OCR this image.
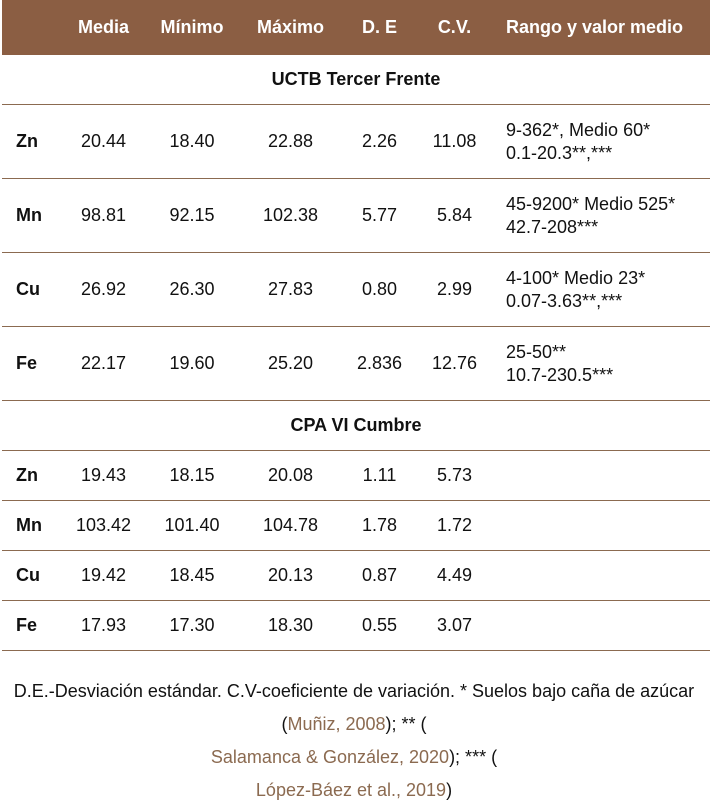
	Media	Mínimo	Máximo	D. E	C.V.	Rango y valor medio
UCTB Tercer Frente						
Zn	20.44	18.40	22.88	2.26	11.08	9-362*, Medio 60*
0.1-20.3**,***
Mn	98.81	92.15	102.38	5.77	5.84	45-9200* Medio 525*
42.7-208***
Cu	26.92	26.30	27.83	0.80	2.99	4-100* Medio 23*
0.07-3.63**,***
Fe	22.17	19.60	25.20	2.836	12.76	25-50**
10.7-230.5***
CPA VI Cumbre						
Zn	19.43	18.15	20.08	1.11	5.73	
Mn	103.42	101.40	104.78	1.78	1.72	
Cu	19.42	18.45	20.13	0.87	4.49	
Fe	17.93	17.30	18.30	0.55	3.07	
D.E.-Desviación estándar. C.V-coeficiente de variación. * Suelos bajo caña de azúcar (Muñiz, 2008); ** (
Salamanca & González, 2020); *** (
López-Báez et al., 2019)
